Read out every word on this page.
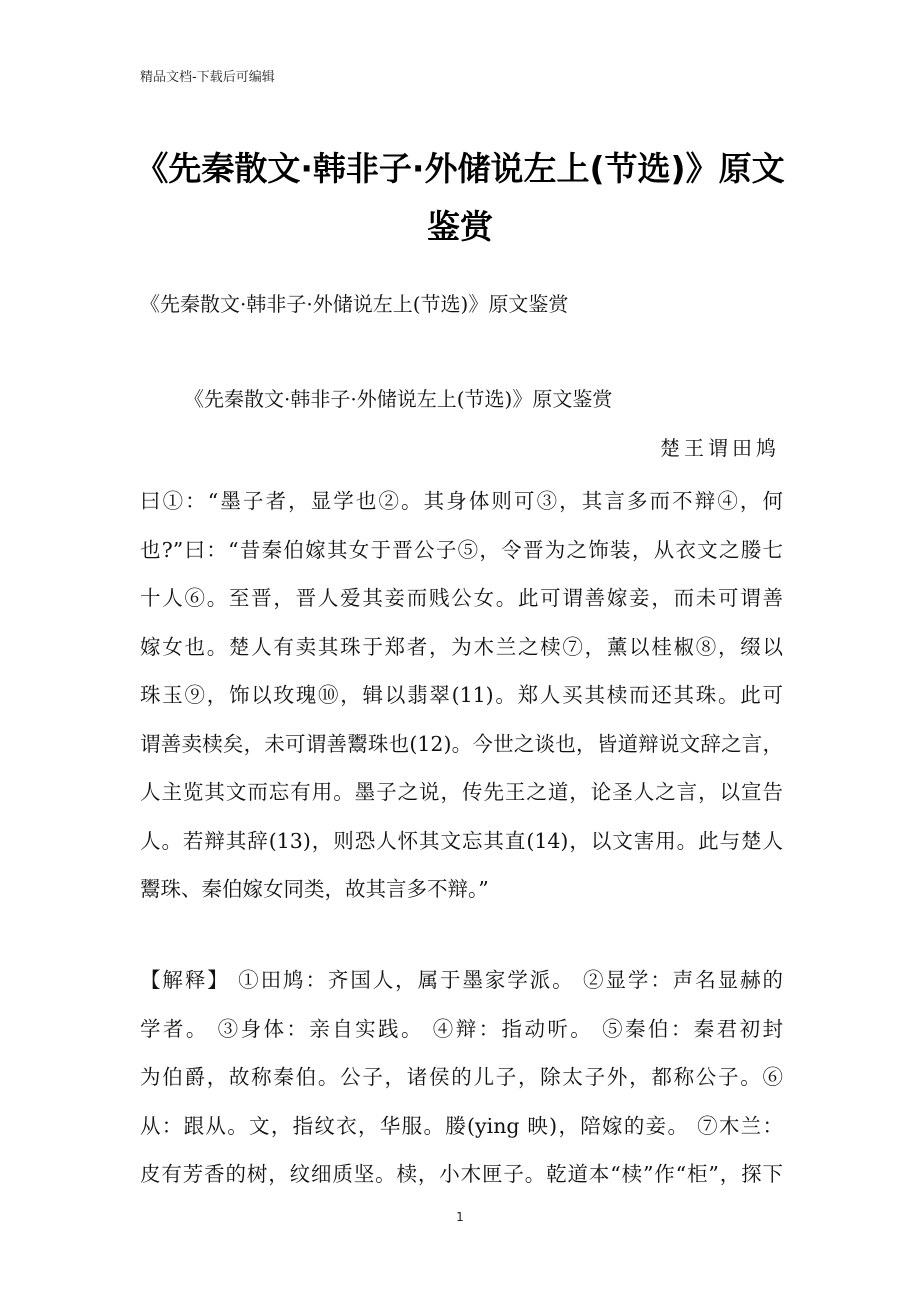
精品文档-下载后可编辑
《先秦散文·韩非子·外储说左上(节选)》原文
鉴赏
《先秦散文·韩非子·外储说左上(节选)》原文鉴赏
《先秦散文·韩非子·外储说左上(节选)》原文鉴赏
楚王谓田鸠
曰①：“墨子者，显学也②。其身体则可③，其言多而不辩④，何
也?”曰：“昔秦伯嫁其女于晋公子⑤，令晋为之饰装，从衣文之媵七
十人⑥。至晋，晋人爱其妾而贱公女。此可谓善嫁妾，而未可谓善
嫁女也。楚人有卖其珠于郑者，为木兰之椟⑦，薰以桂椒⑧，缀以
珠玉⑨，饰以玫瑰⑩，辑以翡翠(11)。郑人买其椟而还其珠。此可
谓善卖椟矣，未可谓善鬻珠也(12)。今世之谈也，皆道辩说文辞之言，
人主览其文而忘有用。墨子之说，传先王之道，论圣人之言，以宣告
人。若辩其辞(13)，则恐人怀其文忘其直(14)，以文害用。此与楚人
鬻珠、秦伯嫁女同类，故其言多不辩。”
【解释】 ①田鸠：齐国人，属于墨家学派。 ②显学：声名显赫的
学者。 ③身体：亲自实践。 ④辩：指动听。 ⑤秦伯：秦君初封
为伯爵，故称秦伯。公子，诸侯的儿子，除太子外，都称公子。⑥
从：跟从。文，指纹衣，华服。媵(ying 映)，陪嫁的妾。 ⑦木兰：
皮有芳香的树，纹细质坚。椟，小木匣子。乾道本“椟”作“柜”，探下
1
